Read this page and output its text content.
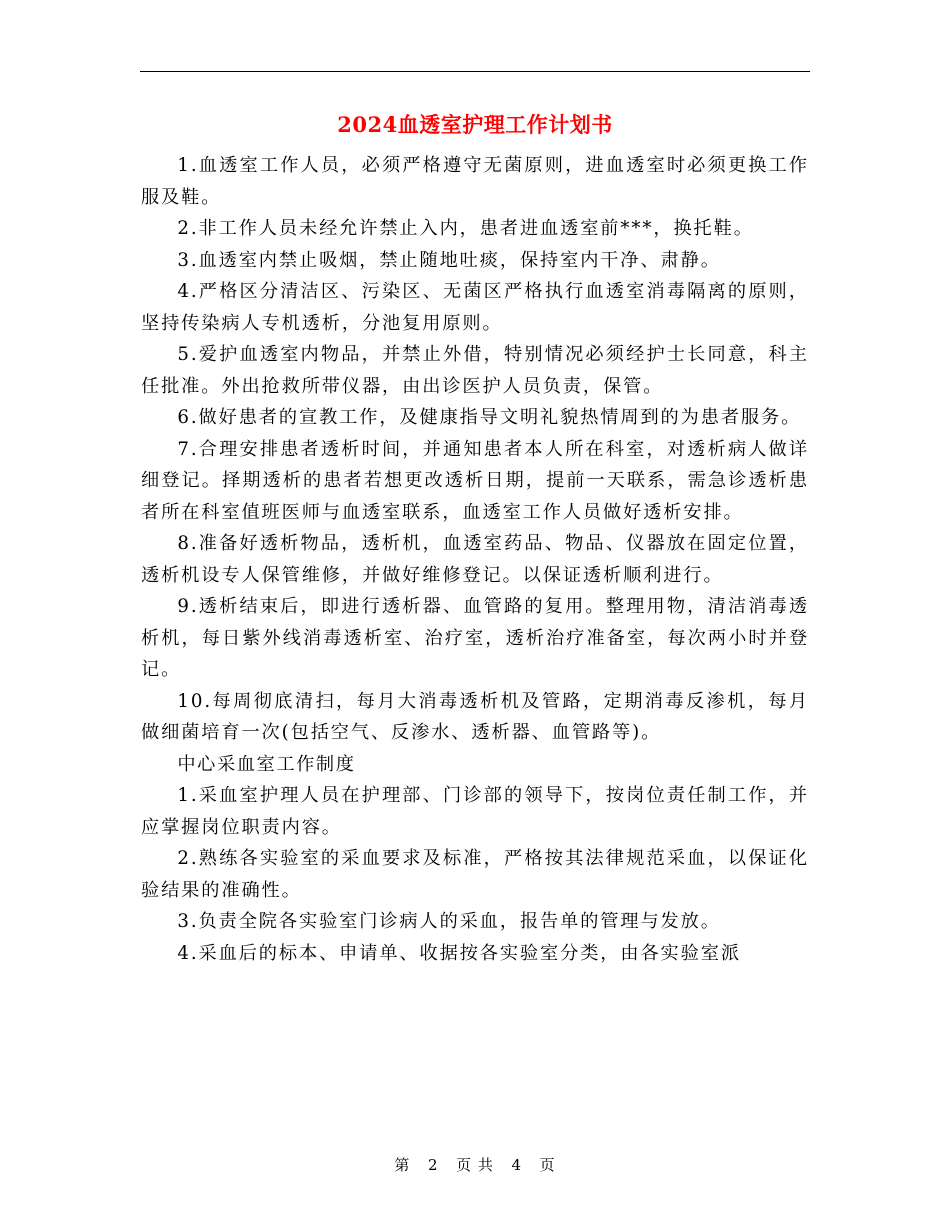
2024血透室护理工作计划书

1.血透室工作人员，必须严格遵守无菌原则，进血透室时必须更换工作服及鞋。

2.非工作人员未经允许禁止入内，患者进血透室前***，换托鞋。

3.血透室内禁止吸烟，禁止随地吐痰，保持室内干净、肃静。

4.严格区分清洁区、污染区、无菌区严格执行血透室消毒隔离的原则，坚持传染病人专机透析，分池复用原则。

5.爱护血透室内物品，并禁止外借，特别情况必须经护士长同意，科主任批准。外出抢救所带仪器，由出诊医护人员负责，保管。

6.做好患者的宣教工作，及健康指导文明礼貌热情周到的为患者服务。

7.合理安排患者透析时间，并通知患者本人所在科室，对透析病人做详细登记。择期透析的患者若想更改透析日期，提前一天联系，需急诊透析患者所在科室值班医师与血透室联系，血透室工作人员做好透析安排。

8.准备好透析物品，透析机，血透室药品、物品、仪器放在固定位置，透析机设专人保管维修，并做好维修登记。以保证透析顺利进行。

9.透析结束后，即进行透析器、血管路的复用。整理用物，清洁消毒透析机，每日紫外线消毒透析室、治疗室，透析治疗准备室，每次两小时并登记。

10.每周彻底清扫，每月大消毒透析机及管路，定期消毒反渗机，每月做细菌培育一次(包括空气、反渗水、透析器、血管路等)。

中心采血室工作制度

1.采血室护理人员在护理部、门诊部的领导下，按岗位责任制工作，并应掌握岗位职责内容。

2.熟练各实验室的采血要求及标准，严格按其法律规范采血，以保证化验结果的准确性。

3.负责全院各实验室门诊病人的采血，报告单的管理与发放。

4.采血后的标本、申请单、收据按各实验室分类，由各实验室派

第 2 页 共 4 页
